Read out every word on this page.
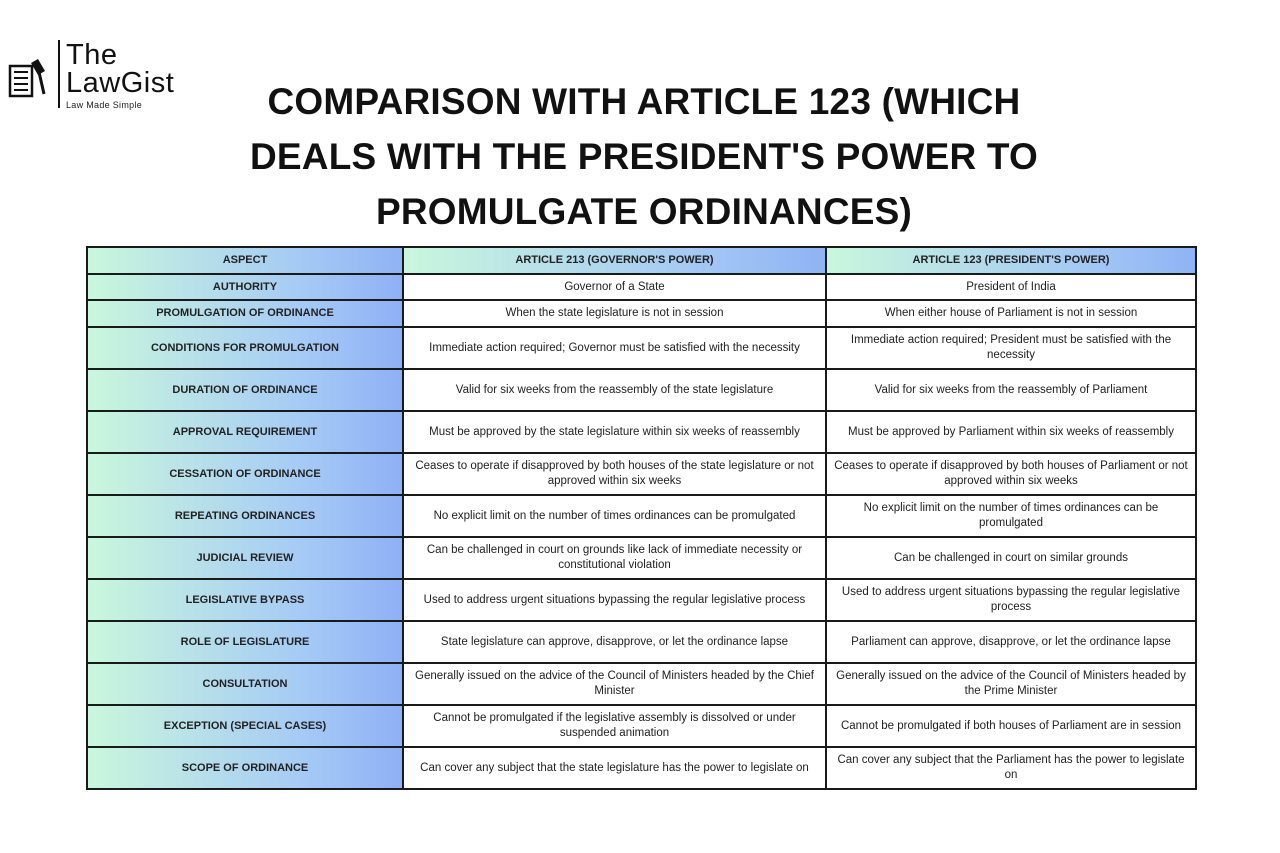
The
LawGist
Law Made Simple	COMPARISON WITH ARTICLE 123 (WHICH DEALS WITH THE PRESIDENT'S POWER TO PROMULGATE ORDINANCES)
ASPECT	ARTICLE 213 (GOVERNOR'S POWER)	ARTICLE 123 (PRESIDENT'S POWER)
AUTHORITY	Governor of a State	President of India
PROMULGATION OF ORDINANCE	When the state legislature is not in session	When either house of Parliament is not in session
CONDITIONS FOR PROMULGATION	Immediate action required; Governor must be satisfied with the necessity	Immediate action required; President must be satisfied with the necessity
DURATION OF ORDINANCE	Valid for six weeks from the reassembly of the state legislature	Valid for six weeks from the reassembly of Parliament
APPROVAL REQUIREMENT	Must be approved by the state legislature within six weeks of reassembly	Must be approved by Parliament within six weeks of reassembly
CESSATION OF ORDINANCE	Ceases to operate if disapproved by both houses of the state legislature or not approved within six weeks	Ceases to operate if disapproved by both houses of Parliament or not approved within six weeks
REPEATING ORDINANCES	No explicit limit on the number of times ordinances can be promulgated	No explicit limit on the number of times ordinances can be promulgated
JUDICIAL REVIEW	Can be challenged in court on grounds like lack of immediate necessity or constitutional violation	Can be challenged in court on similar grounds
LEGISLATIVE BYPASS	Used to address urgent situations bypassing the regular legislative process	Used to address urgent situations bypassing the regular legislative process
ROLE OF LEGISLATURE	State legislature can approve, disapprove, or let the ordinance lapse	Parliament can approve, disapprove, or let the ordinance lapse
CONSULTATION	Generally issued on the advice of the Council of Ministers headed by the Chief Minister	Generally issued on the advice of the Council of Ministers headed by the Prime Minister
EXCEPTION (SPECIAL CASES)	Cannot be promulgated if the legislative assembly is dissolved or under suspended animation	Cannot be promulgated if both houses of Parliament are in session
SCOPE OF ORDINANCE	Can cover any subject that the state legislature has the power to legislate on	Can cover any subject that the Parliament has the power to legislate on
